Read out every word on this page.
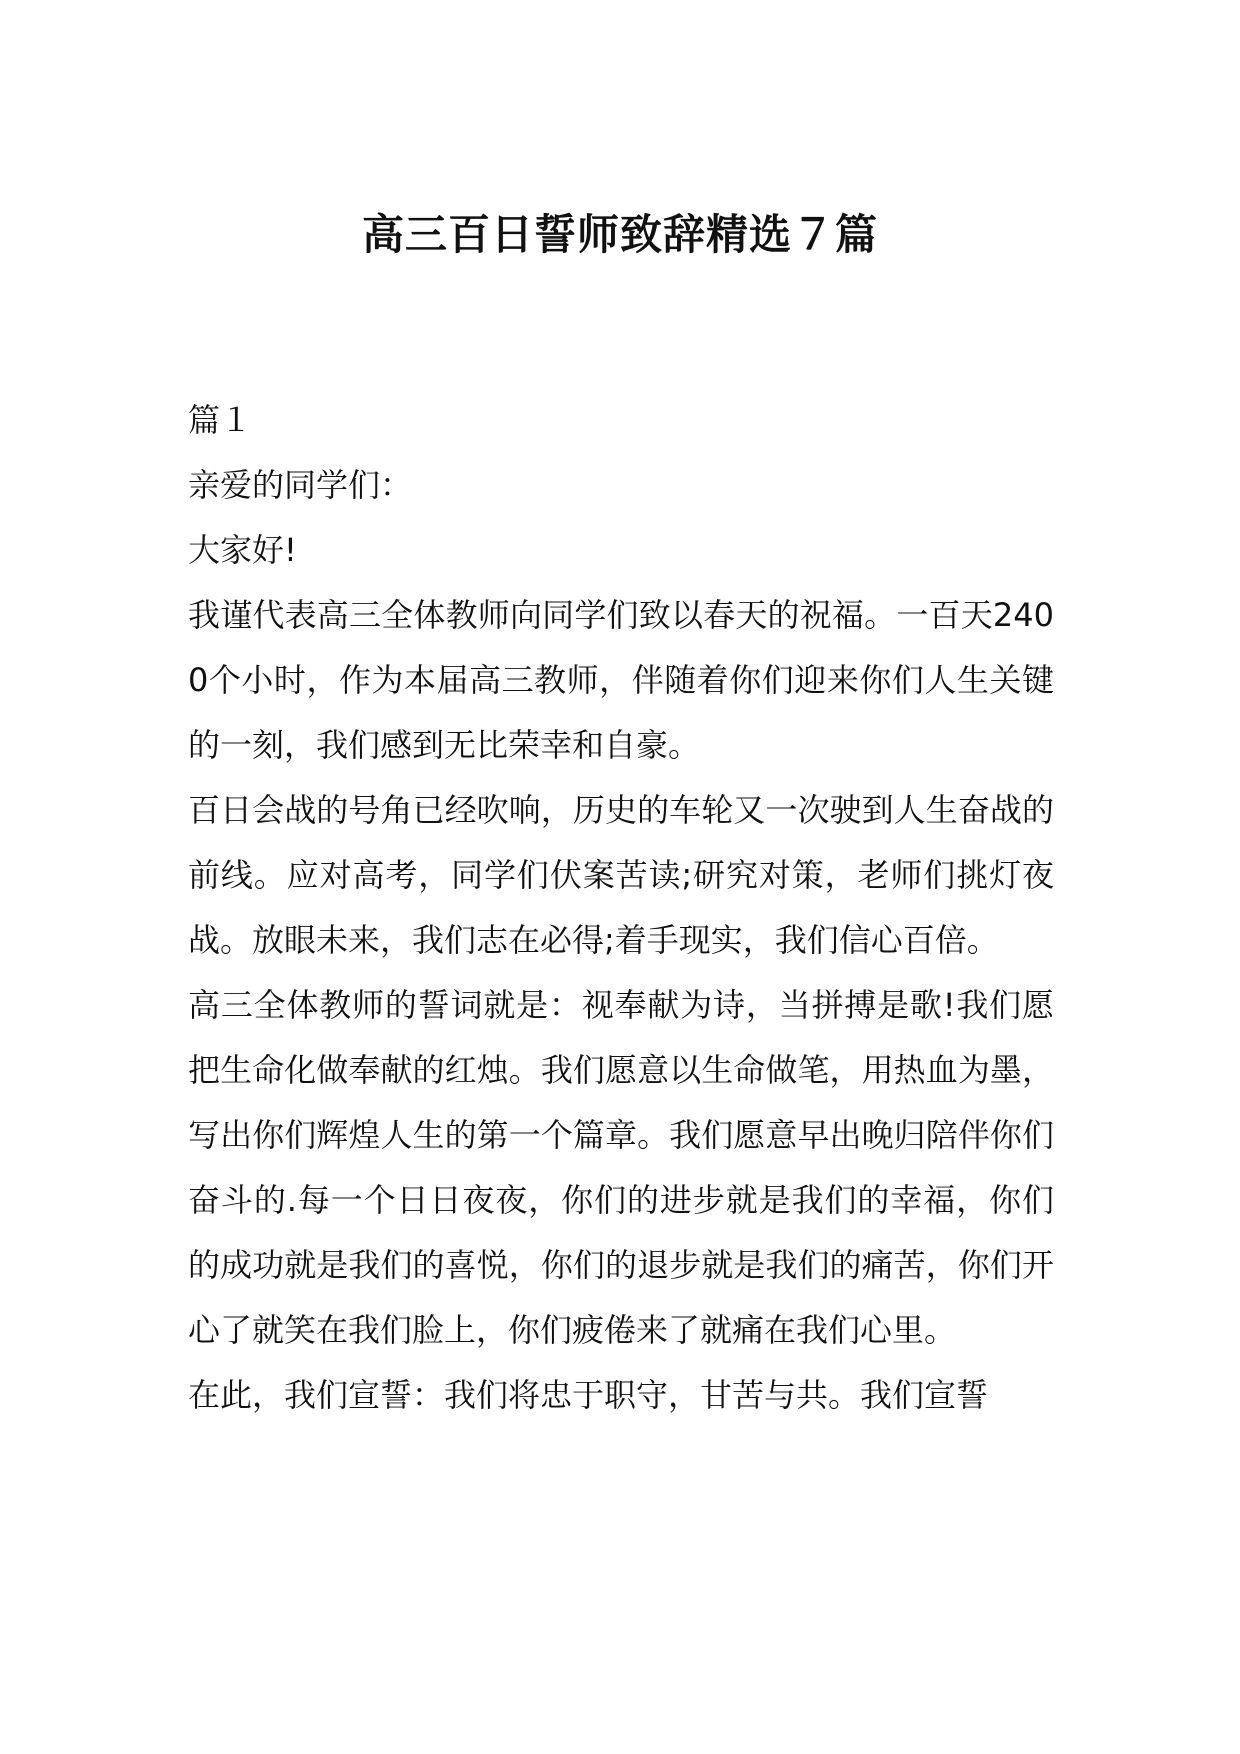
高三百日誓师致辞精选７篇

篇１

亲爱的同学们：

大家好!

我谨代表高三全体教师向同学们致以春天的祝福。一百天2400个小时，作为本届高三教师，伴随着你们迎来你们人生关键的一刻，我们感到无比荣幸和自豪。

百日会战的号角已经吹响，历史的车轮又一次驶到人生奋战的前线。应对高考，同学们伏案苦读;研究对策，老师们挑灯夜战。放眼未来，我们志在必得;着手现实，我们信心百倍。

高三全体教师的誓词就是：视奉献为诗，当拼搏是歌!我们愿把生命化做奉献的红烛。我们愿意以生命做笔，用热血为墨，写出你们辉煌人生的第一个篇章。我们愿意早出晚归陪伴你们奋斗的.每一个日日夜夜，你们的进步就是我们的幸福，你们的成功就是我们的喜悦，你们的退步就是我们的痛苦，你们开心了就笑在我们脸上，你们疲倦来了就痛在我们心里。

在此，我们宣誓：我们将忠于职守，甘苦与共。我们宣誓
